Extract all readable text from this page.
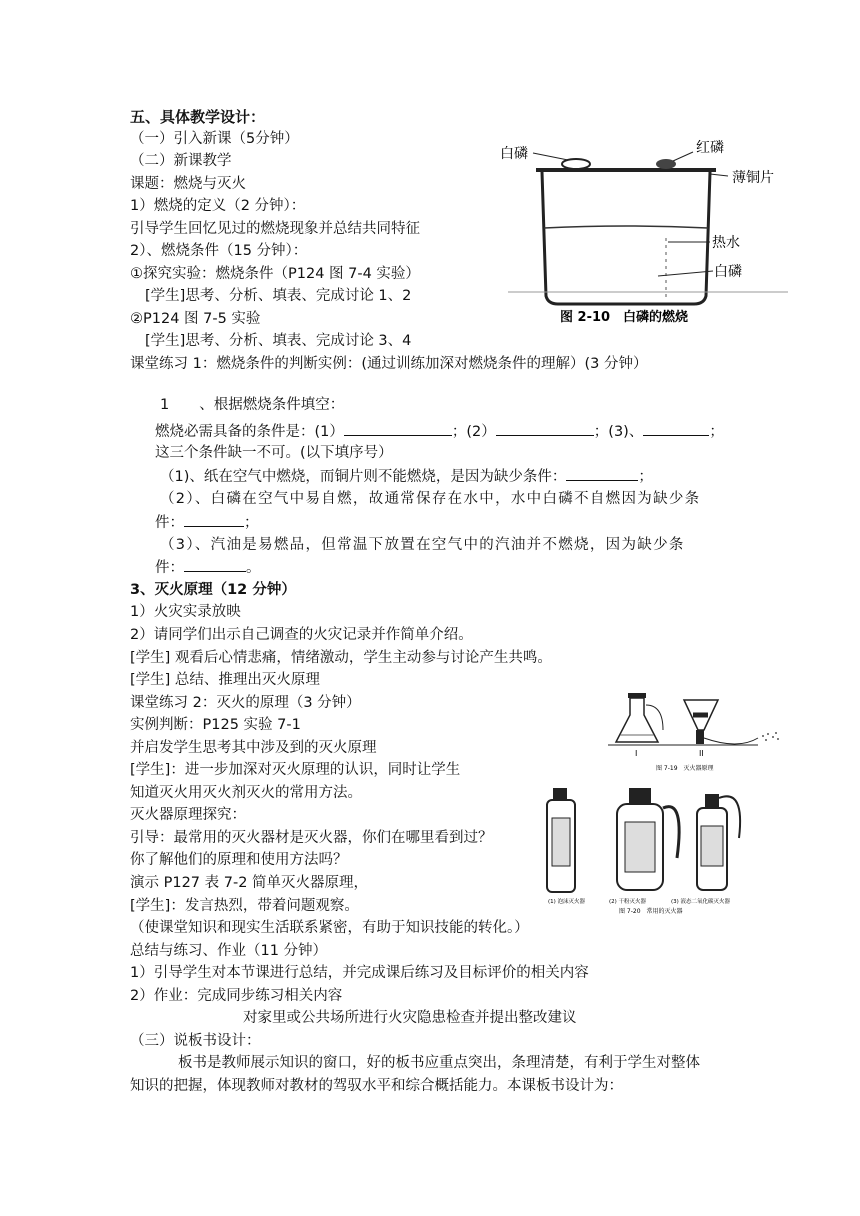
五、具体教学设计：
（一）引入新课（5分钟）
（二）新课教学
课题：燃烧与灭火
1）燃烧的定义（2 分钟）：
引导学生回忆见过的燃烧现象并总结共同特征
2）、燃烧条件（15 分钟）：
①探究实验：燃烧条件（P124 图 7-4 实验）
[学生]思考、分析、填表、完成讨论 1、2
②P124 图 7-5 实验
[学生]思考、分析、填表、完成讨论 3、4
课堂练习 1：燃烧条件的判断实例：(通过训练加深对燃烧条件的理解）(3 分钟）
1 、根据燃烧条件填空：
燃烧必需具备的条件是：(1）	；(2）	；(3)、	；
这三个条件缺一不可。(以下填序号）
（1)、纸在空气中燃烧，而铜片则不能燃烧，是因为缺少条件：	；
（2）、白磷在空气中易自燃，故通常保存在水中，水中白磷不自燃因为缺少条
件：	；
（3）、汽油是易燃品，但常温下放置在空气中的汽油并不燃烧，因为缺少条
件：	。
3、灭火原理（12 分钟）
1）火灾实录放映
2）请同学们出示自己调查的火灾记录并作简单介绍。
[学生] 观看后心情悲痛，情绪激动，学生主动参与讨论产生共鸣。
[学生] 总结、推理出灭火原理
课堂练习 2：灭火的原理（3 分钟）
实例判断：P125 实验 7-1
并启发学生思考其中涉及到的灭火原理
[学生]：进一步加深对灭火原理的认识，同时让学生
知道灭火用灭火剂灭火的常用方法。
灭火器原理探究：
引导：最常用的灭火器材是灭火器，你们在哪里看到过？
你了解他们的原理和使用方法吗？
演示 P127 表 7-2 简单灭火器原理，
[学生]：发言热烈，带着问题观察。
（使课堂知识和现实生活联系紧密，有助于知识技能的转化。）
总结与练习、作业（11 分钟）
1）引导学生对本节课进行总结，并完成课后练习及目标评价的相关内容
2）作业：完成同步练习相关内容
对家里或公共场所进行火灾隐患检查并提出整改建议
（三）说板书设计：
板书是教师展示知识的窗口，好的板书应重点突出，条理清楚，有利于学生对整体
知识的把握，体现教师对教材的驾驭水平和综合概括能力。本课板书设计为：
白磷	红磷
薄铜片
热水
白磷
图 2-10　白磷的燃烧
I	II
图 7-19　灭火器原理
(1) 泡沫灭火器	(2) 干粉灭火器	(3) 液态二氧化碳灭火器
图 7-20　常用的灭火器
